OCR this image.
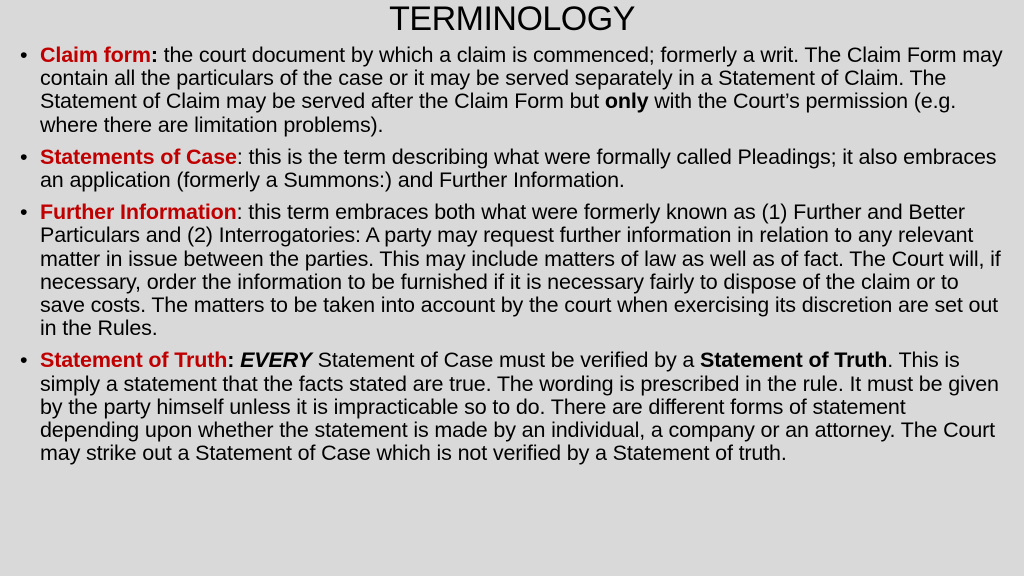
TERMINOLOGY
• Claim form: the court document by which a claim is commenced; formerly a writ. The Claim Form may contain all the particulars of the case or it may be served separately in a Statement of Claim. The Statement of Claim may be served after the Claim Form but only with the Court’s permission (e.g. where there are limitation problems).
• Statements of Case: this is the term describing what were formally called Pleadings; it also embraces an application (formerly a Summons:) and Further Information.
• Further Information: this term embraces both what were formerly known as (1) Further and Better Particulars and (2) Interrogatories: A party may request further information in relation to any relevant matter in issue between the parties. This may include matters of law as well as of fact. The Court will, if necessary, order the information to be furnished if it is necessary fairly to dispose of the claim or to save costs. The matters to be taken into account by the court when exercising its discretion are set out in the Rules.
• Statement of Truth: EVERY Statement of Case must be verified by a Statement of Truth. This is simply a statement that the facts stated are true. The wording is prescribed in the rule. It must be given by the party himself unless it is impracticable so to do. There are different forms of statement depending upon whether the statement is made by an individual, a company or an attorney. The Court may strike out a Statement of Case which is not verified by a Statement of truth.
